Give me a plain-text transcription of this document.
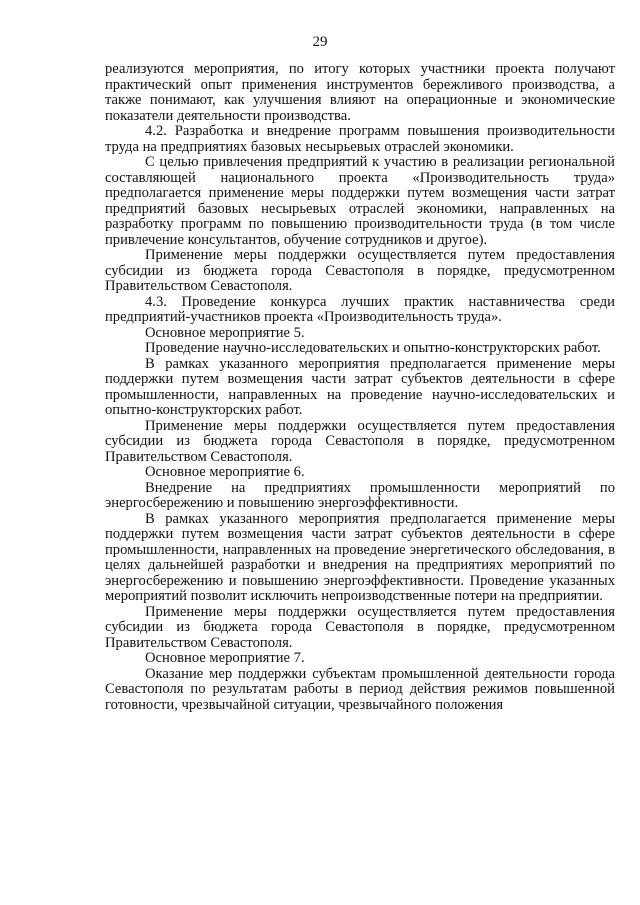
29

реализуются мероприятия, по итогу которых участники проекта получают практический опыт применения инструментов бережливого производства, а также понимают, как улучшения влияют на операционные и экономические показатели деятельности производства.

4.2. Разработка и внедрение программ повышения производительности труда на предприятиях базовых несырьевых отраслей экономики.

С целью привлечения предприятий к участию в реализации региональной составляющей национального проекта «Производительность труда» предполагается применение меры поддержки путем возмещения части затрат предприятий базовых несырьевых отраслей экономики, направленных на разработку программ по повышению производительности труда (в том числе привлечение консультантов, обучение сотрудников и другое).

Применение меры поддержки осуществляется путем предоставления субсидии из бюджета города Севастополя в порядке, предусмотренном Правительством Севастополя.

4.3. Проведение конкурса лучших практик наставничества среди предприятий-участников проекта «Производительность труда».

Основное мероприятие 5.

Проведение научно-исследовательских и опытно-конструкторских работ.

В рамках указанного мероприятия предполагается применение меры поддержки путем возмещения части затрат субъектов деятельности в сфере промышленности, направленных на проведение научно-исследовательских и опытно-конструкторских работ.

Применение меры поддержки осуществляется путем предоставления субсидии из бюджета города Севастополя в порядке, предусмотренном Правительством Севастополя.

Основное мероприятие 6.

Внедрение на предприятиях промышленности мероприятий по энергосбережению и повышению энергоэффективности.

В рамках указанного мероприятия предполагается применение меры поддержки путем возмещения части затрат субъектов деятельности в сфере промышленности, направленных на проведение энергетического обследования, в целях дальнейшей разработки и внедрения на предприятиях мероприятий по энергосбережению и повышению энергоэффективности. Проведение указанных мероприятий позволит исключить непроизводственные потери на предприятии.

Применение меры поддержки осуществляется путем предоставления субсидии из бюджета города Севастополя в порядке, предусмотренном Правительством Севастополя.

Основное мероприятие 7.

Оказание мер поддержки субъектам промышленной деятельности города Севастополя по результатам работы в период действия режимов повышенной готовности, чрезвычайной ситуации, чрезвычайного положения
